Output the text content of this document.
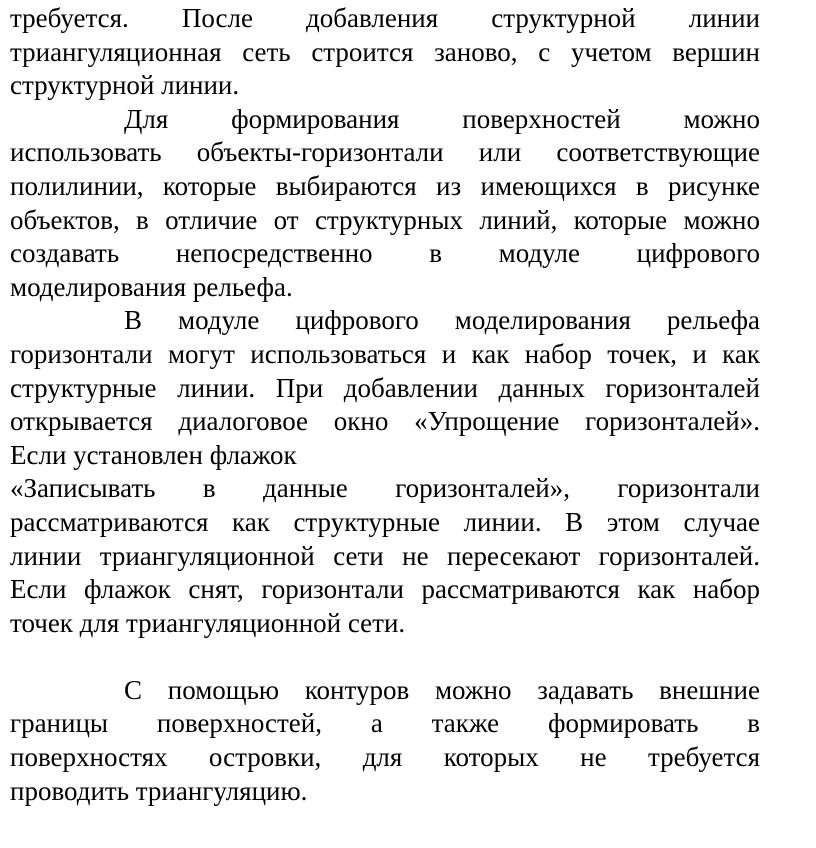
требуется. После добавления структурной линии
триангуляционная сеть строится заново, с учетом вершин
структурной линии.
Для формирования поверхностей можно
использовать объекты-горизонтали или соответствующие
полилинии, которые выбираются из имеющихся в рисунке
объектов, в отличие от структурных линий, которые можно
создавать непосредственно в модуле цифрового
моделирования рельефа.
В модуле цифрового моделирования рельефа
горизонтали могут использоваться и как набор точек, и как
структурные линии. При добавлении данных горизонталей
открывается диалоговое окно «Упрощение горизонталей».
Если установлен флажок
«Записывать в данные горизонталей», горизонтали
рассматриваются как структурные линии. В этом случае
линии триангуляционной сети не пересекают горизонталей.
Если флажок снят, горизонтали рассматриваются как набор
точек для триангуляционной сети.
С помощью контуров можно задавать внешние
границы поверхностей, а также формировать в
поверхностях островки, для которых не требуется
проводить триангуляцию.
